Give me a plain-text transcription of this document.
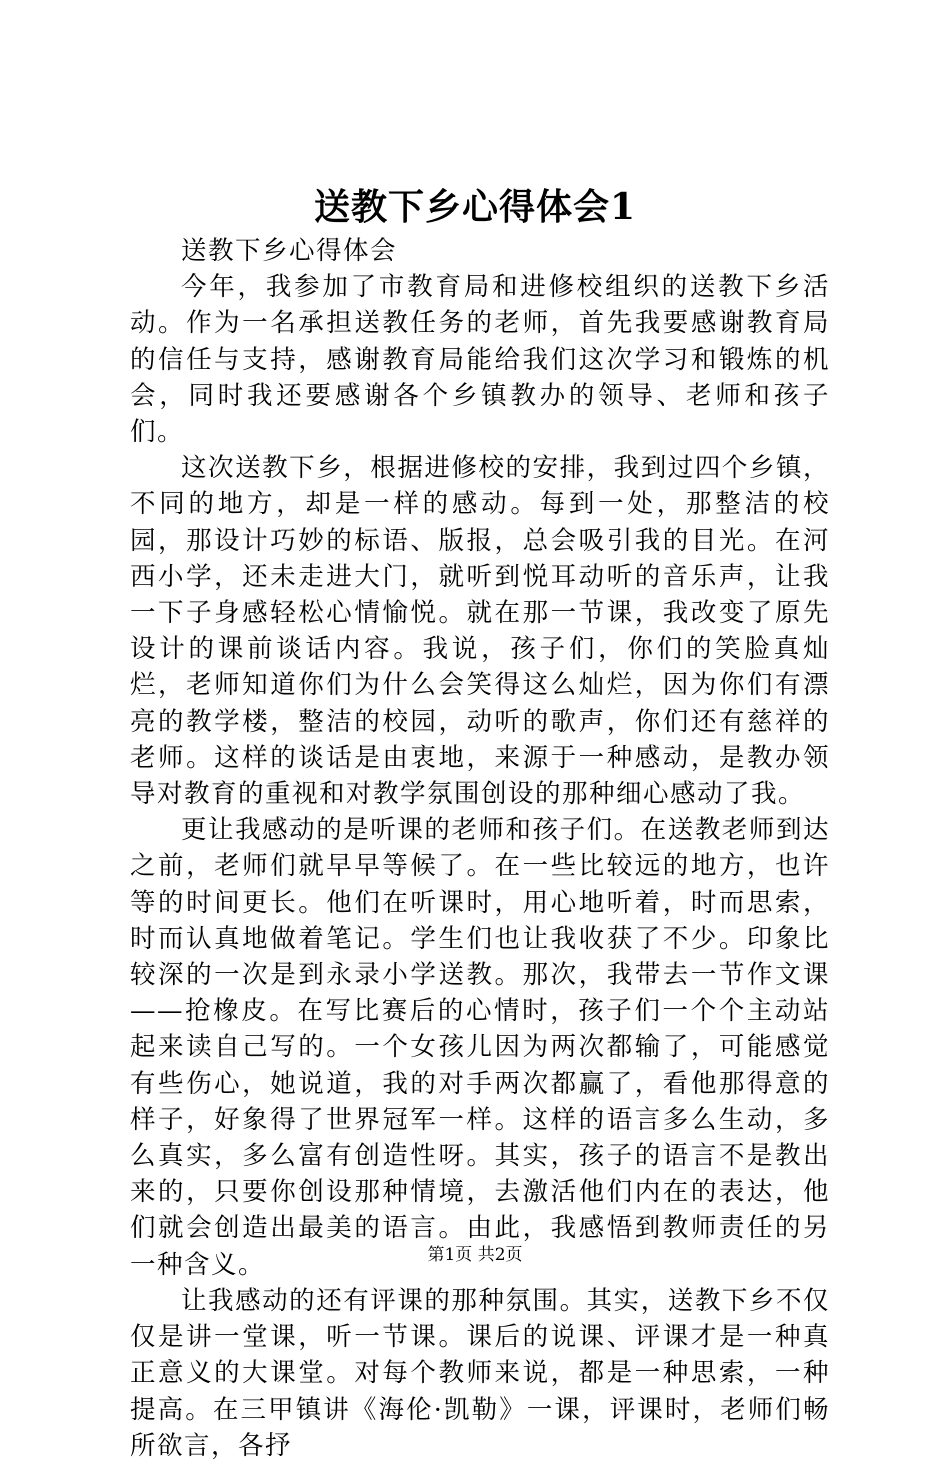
送教下乡心得体会1

送教下乡心得体会

今年，我参加了市教育局和进修校组织的送教下乡活动。作为一名承担送教任务的老师，首先我要感谢教育局的信任与支持，感谢教育局能给我们这次学习和锻炼的机会，同时我还要感谢各个乡镇教办的领导、老师和孩子们。

这次送教下乡，根据进修校的安排，我到过四个乡镇，不同的地方，却是一样的感动。每到一处，那整洁的校园，那设计巧妙的标语、版报，总会吸引我的目光。在河西小学，还未走进大门，就听到悦耳动听的音乐声，让我一下子身感轻松心情愉悦。就在那一节课，我改变了原先设计的课前谈话内容。我说，孩子们，你们的笑脸真灿烂，老师知道你们为什么会笑得这么灿烂，因为你们有漂亮的教学楼，整洁的校园，动听的歌声，你们还有慈祥的老师。这样的谈话是由衷地，来源于一种感动，是教办领导对教育的重视和对教学氛围创设的那种细心感动了我。

更让我感动的是听课的老师和孩子们。在送教老师到达之前，老师们就早早等候了。在一些比较远的地方，也许等的时间更长。他们在听课时，用心地听着，时而思索，时而认真地做着笔记。学生们也让我收获了不少。印象比较深的一次是到永录小学送教。那次，我带去一节作文课——抢橡皮。在写比赛后的心情时，孩子们一个个主动站起来读自己写的。一个女孩儿因为两次都输了，可能感觉有些伤心，她说道，我的对手两次都赢了，看他那得意的样子，好象得了世界冠军一样。这样的语言多么生动，多么真实，多么富有创造性呀。其实，孩子的语言不是教出来的，只要你创设那种情境，去激活他们内在的表达，他们就会创造出最美的语言。由此，我感悟到教师责任的另一种含义。

让我感动的还有评课的那种氛围。其实，送教下乡不仅仅是讲一堂课，听一节课。课后的说课、评课才是一种真正意义的大课堂。对每个教师来说，都是一种思索，一种提高。在三甲镇讲《海伦·凯勒》一课，评课时，老师们畅所欲言，各抒

第1页 共2页
